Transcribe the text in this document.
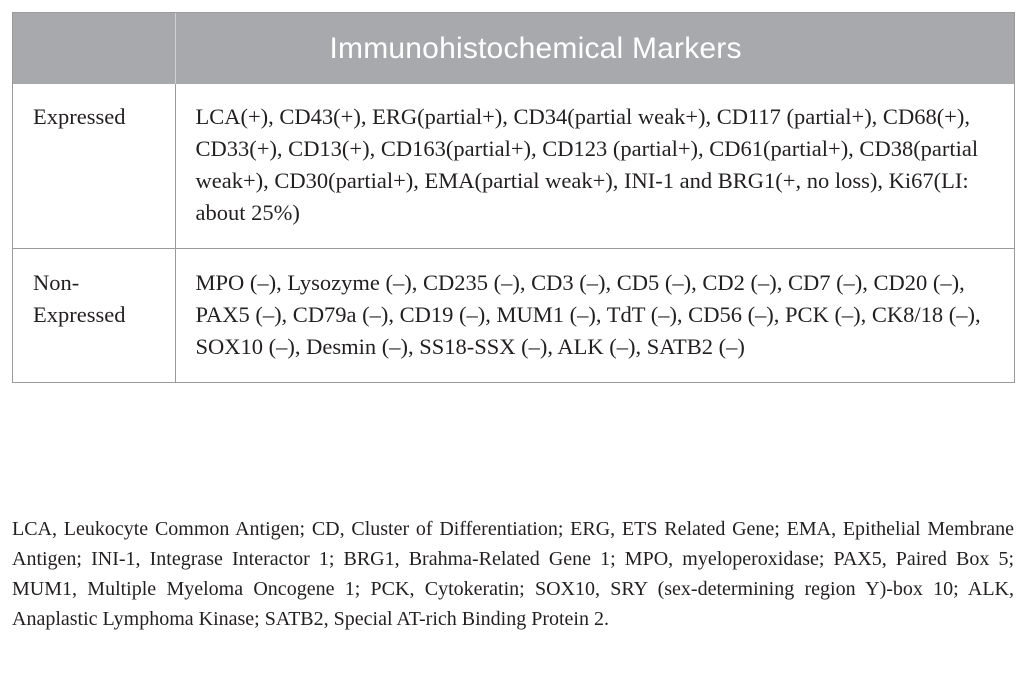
	Immunohistochemical Markers
Expressed	LCA(+), CD43(+), ERG(partial+), CD34(partial weak+), CD117 (partial+), CD68(+), CD33(+), CD13(+), CD163(partial+), CD123 (partial+), CD61(partial+), CD38(partial weak+), CD30(partial+), EMA(partial weak+), INI-1 and BRG1(+, no loss), Ki67(LI: about 25%)
Non-Expressed	MPO (–), Lysozyme (–), CD235 (–), CD3 (–), CD5 (–), CD2 (–), CD7 (–), CD20 (–), PAX5 (–), CD79a (–), CD19 (–), MUM1 (–), TdT (–), CD56 (–), PCK (–), CK8/18 (–), SOX10 (–), Desmin (–), SS18-SSX (–), ALK (–), SATB2 (–)
LCA, Leukocyte Common Antigen; CD, Cluster of Differentiation; ERG, ETS Related Gene; EMA, Epithelial Membrane Antigen; INI-1, Integrase Interactor 1; BRG1, Brahma-Related Gene 1; MPO, myeloperoxidase; PAX5, Paired Box 5; MUM1, Multiple Myeloma Oncogene 1; PCK, Cytokeratin; SOX10, SRY (sex-determining region Y)-box 10; ALK, Anaplastic Lymphoma Kinase; SATB2, Special AT-rich Binding Protein 2.
